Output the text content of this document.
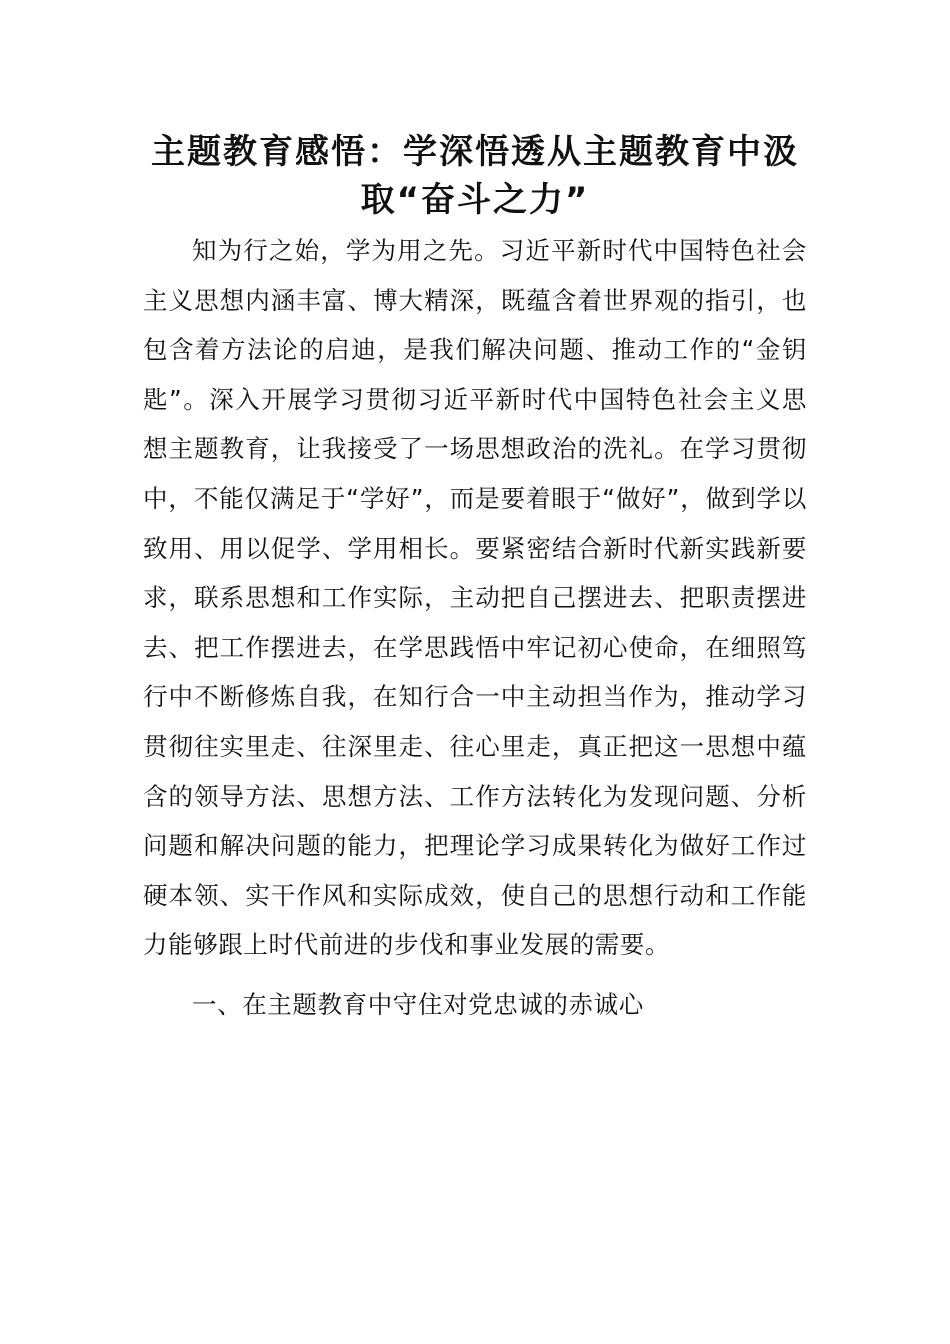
主题教育感悟：学深悟透从主题教育中汲取“奋斗之力”

知为行之始，学为用之先。习近平新时代中国特色社会主义思想内涵丰富、博大精深，既蕴含着世界观的指引，也包含着方法论的启迪，是我们解决问题、推动工作的“金钥匙”。深入开展学习贯彻习近平新时代中国特色社会主义思想主题教育，让我接受了一场思想政治的洗礼。在学习贯彻中，不能仅满足于“学好”，而是要着眼于“做好”，做到学以致用、用以促学、学用相长。要紧密结合新时代新实践新要求，联系思想和工作实际，主动把自己摆进去、把职责摆进去、把工作摆进去，在学思践悟中牢记初心使命，在细照笃行中不断修炼自我，在知行合一中主动担当作为，推动学习贯彻往实里走、往深里走、往心里走，真正把这一思想中蕴含的领导方法、思想方法、工作方法转化为发现问题、分析问题和解决问题的能力，把理论学习成果转化为做好工作过硬本领、实干作风和实际成效，使自己的思想行动和工作能力能够跟上时代前进的步伐和事业发展的需要。

一、在主题教育中守住对党忠诚的赤诚心
